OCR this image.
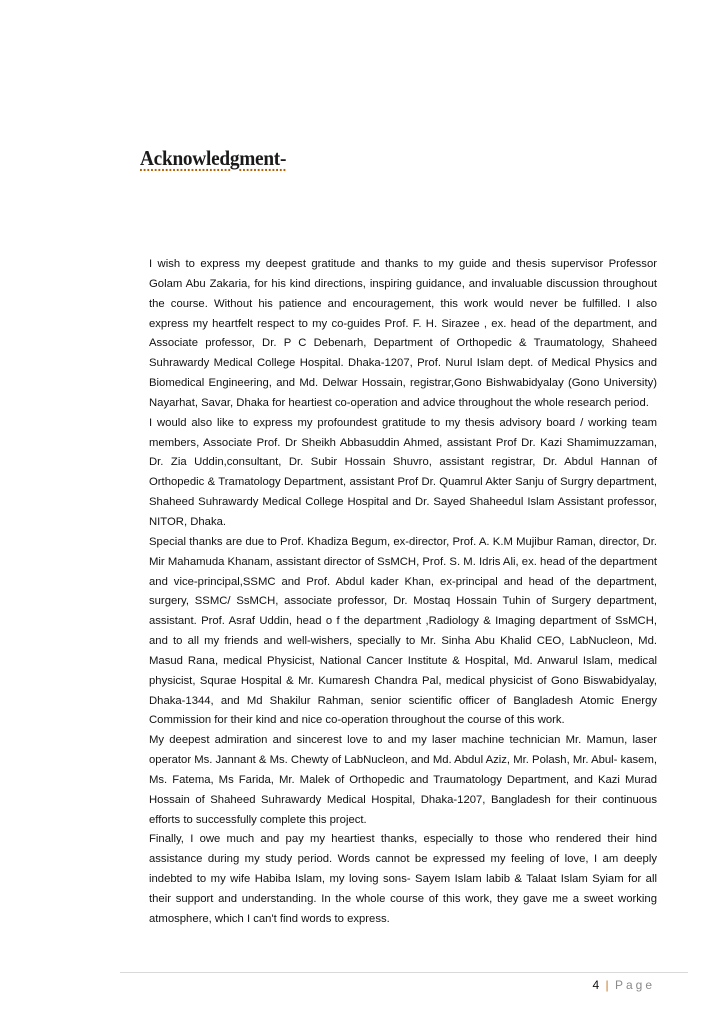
Acknowledgment-

I wish to express my deepest gratitude and thanks to my guide and thesis supervisor Professor Golam Abu Zakaria, for his kind directions, inspiring guidance, and invaluable discussion throughout the course. Without his patience and encouragement, this work would never be fulfilled. I also express my heartfelt respect to my co-guides Prof. F. H. Sirazee , ex. head of the department, and Associate professor, Dr. P C Debenarh, Department of Orthopedic & Traumatology, Shaheed Suhrawardy Medical College Hospital. Dhaka-1207, Prof. Nurul Islam dept. of Medical Physics and Biomedical Engineering, and Md. Delwar Hossain, registrar,Gono Bishwabidyalay (Gono University) Nayarhat, Savar, Dhaka for heartiest co-operation and advice throughout the whole research period.

I would also like to express my profoundest gratitude to my thesis advisory board / working team members, Associate Prof. Dr Sheikh Abbasuddin Ahmed, assistant Prof Dr. Kazi Shamimuzzaman, Dr. Zia Uddin,consultant, Dr. Subir Hossain Shuvro, assistant registrar, Dr. Abdul Hannan of Orthopedic & Tramatology Department, assistant Prof Dr. Quamrul Akter Sanju of Surgry department, Shaheed Suhrawardy Medical College Hospital and Dr. Sayed Shaheedul Islam Assistant professor, NITOR, Dhaka.

Special thanks are due to Prof. Khadiza Begum, ex-director, Prof. A. K.M Mujibur Raman, director, Dr. Mir Mahamuda Khanam, assistant director of SsMCH, Prof. S. M. Idris Ali, ex. head of the department and vice-principal,SSMC and Prof. Abdul kader Khan, ex-principal and head of the department, surgery, SSMC/ SsMCH, associate professor, Dr. Mostaq Hossain Tuhin of Surgery department, assistant. Prof. Asraf Uddin, head o f the department ,Radiology & Imaging department of SsMCH, and to all my friends and well-wishers, specially to Mr. Sinha Abu Khalid CEO, LabNucleon, Md. Masud Rana, medical Physicist, National Cancer Institute & Hospital, Md. Anwarul Islam, medical physicist, Squrae Hospital & Mr. Kumaresh Chandra Pal, medical physicist of Gono Biswabidyalay, Dhaka-1344, and Md Shakilur Rahman, senior scientific officer of Bangladesh Atomic Energy Commission for their kind and nice co-operation throughout the course of this work.

My deepest admiration and sincerest love to and my laser machine technician Mr. Mamun, laser operator Ms. Jannant & Ms. Chewty of LabNucleon, and Md. Abdul Aziz, Mr. Polash, Mr. Abul- kasem, Ms. Fatema, Ms Farida, Mr. Malek of Orthopedic and Traumatology Department, and Kazi Murad Hossain of Shaheed Suhrawardy Medical Hospital, Dhaka-1207, Bangladesh for their continuous efforts to successfully complete this project.

Finally, I owe much and pay my heartiest thanks, especially to those who rendered their hind assistance during my study period. Words cannot be expressed my feeling of love, I am deeply indebted to my wife Habiba Islam, my loving sons- Sayem Islam labib & Talaat Islam Syiam for all their support and understanding. In the whole course of this work, they gave me a sweet working atmosphere, which I can't find words to express.

4 | Page
